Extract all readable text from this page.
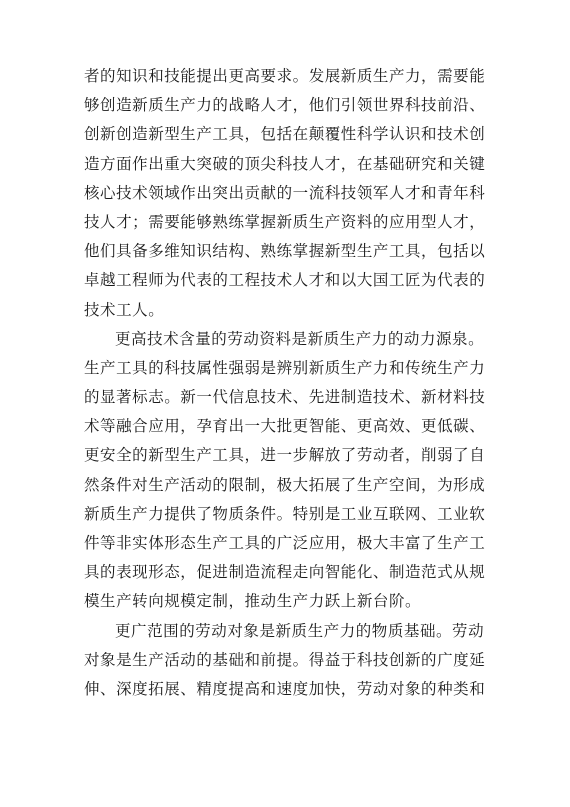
者的知识和技能提出更高要求。发展新质生产力，需要能
够创造新质生产力的战略人才，他们引领世界科技前沿、
创新创造新型生产工具，包括在颠覆性科学认识和技术创
造方面作出重大突破的顶尖科技人才，在基础研究和关键
核心技术领域作出突出贡献的一流科技领军人才和青年科
技人才；需要能够熟练掌握新质生产资料的应用型人才，
他们具备多维知识结构、熟练掌握新型生产工具，包括以
卓越工程师为代表的工程技术人才和以大国工匠为代表的
技术工人。
更高技术含量的劳动资料是新质生产力的动力源泉。
生产工具的科技属性强弱是辨别新质生产力和传统生产力
的显著标志。新一代信息技术、先进制造技术、新材料技
术等融合应用，孕育出一大批更智能、更高效、更低碳、
更安全的新型生产工具，进一步解放了劳动者，削弱了自
然条件对生产活动的限制，极大拓展了生产空间，为形成
新质生产力提供了物质条件。特别是工业互联网、工业软
件等非实体形态生产工具的广泛应用，极大丰富了生产工
具的表现形态，促进制造流程走向智能化、制造范式从规
模生产转向规模定制，推动生产力跃上新台阶。
更广范围的劳动对象是新质生产力的物质基础。劳动
对象是生产活动的基础和前提。得益于科技创新的广度延
伸、深度拓展、精度提高和速度加快，劳动对象的种类和
